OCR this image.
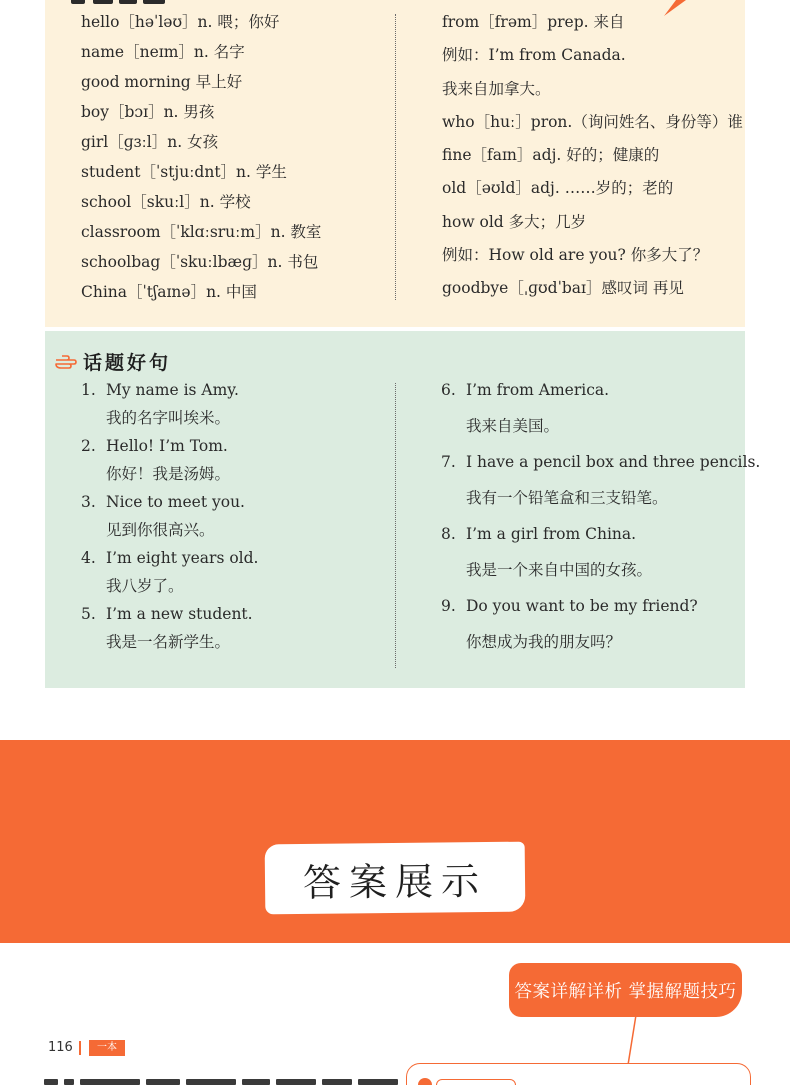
hello［həˈləʊ］n. 喂；你好
name［neɪm］n. 名字
good morning 早上好
boy［bɔɪ］n. 男孩
girl［ɡɜːl］n. 女孩
student［ˈstjuːdnt］n. 学生
school［skuːl］n. 学校
classroom［ˈklɑːsruːm］n. 教室
schoolbag［ˈskuːlbæɡ］n. 书包
China［ˈtʃaɪnə］n. 中国
from［frəm］prep. 来自
例如：I’m from Canada.
我来自加拿大。
who［huː］pron.（询问姓名、身份等）谁
fine［faɪn］adj. 好的；健康的
old［əʊld］adj. ……岁的；老的
how old 多大；几岁
例如：How old are you? 你多大了？
goodbye［ˌɡʊdˈbaɪ］感叹词 再见
话题好句
1. My name is Amy.
我的名字叫埃米。
2. Hello! I’m Tom.
你好！我是汤姆。
3. Nice to meet you.
见到你很高兴。
4. I’m eight years old.
我八岁了。
5. I’m a new student.
我是一名新学生。
6. I’m from America.
我来自美国。
7. I have a pencil box and three pencils.
我有一个铅笔盒和三支铅笔。
8. I’m a girl from China.
我是一个来自中国的女孩。
9. Do you want to be my friend?
你想成为我的朋友吗？
答案展示
答案详解详析 掌握解题技巧
116	一本
